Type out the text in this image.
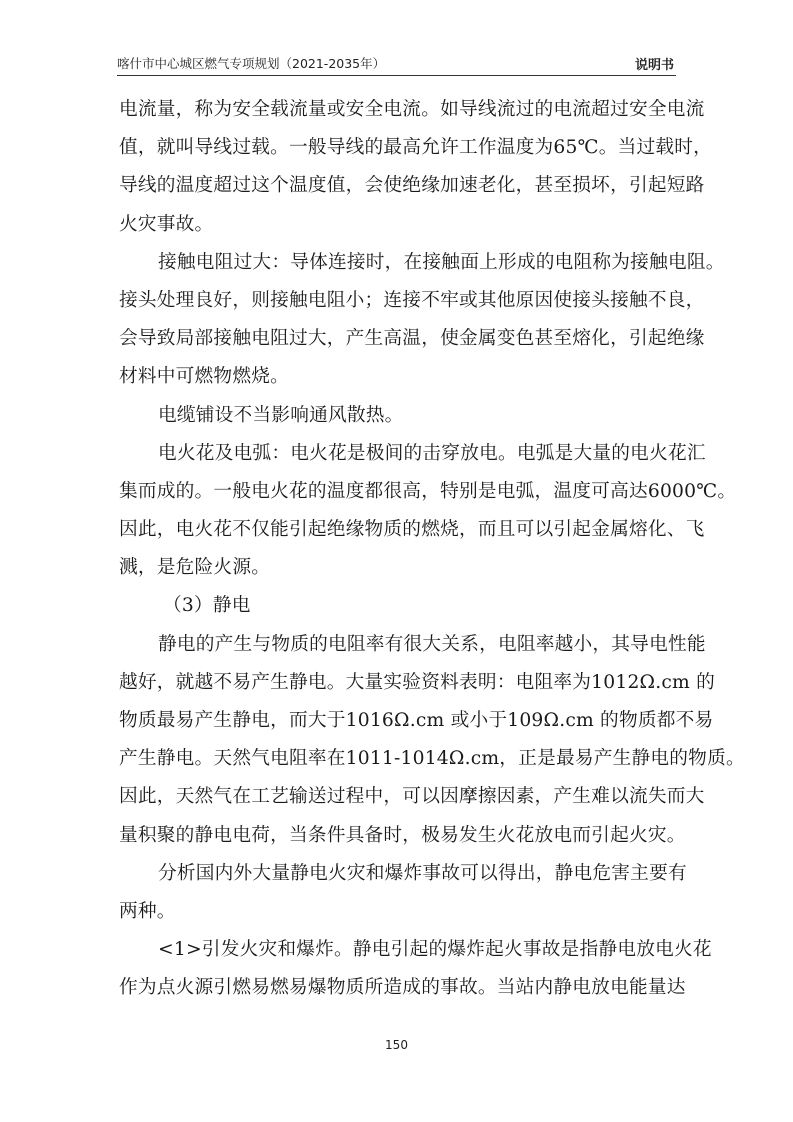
喀什市中心城区燃气专项规划（2021-2035年）	说明书
电流量，称为安全载流量或安全电流。如导线流过的电流超过安全电流
值，就叫导线过载。一般导线的最高允许工作温度为65℃。当过载时，
导线的温度超过这个温度值，会使绝缘加速老化，甚至损坏，引起短路
火灾事故。
接触电阻过大：导体连接时，在接触面上形成的电阻称为接触电阻。
接头处理良好，则接触电阻小；连接不牢或其他原因使接头接触不良，
会导致局部接触电阻过大，产生高温，使金属变色甚至熔化，引起绝缘
材料中可燃物燃烧。
电缆铺设不当影响通风散热。
电火花及电弧：电火花是极间的击穿放电。电弧是大量的电火花汇
集而成的。一般电火花的温度都很高，特别是电弧，温度可高达6000℃。
因此，电火花不仅能引起绝缘物质的燃烧，而且可以引起金属熔化、飞
溅，是危险火源。
（3）静电
静电的产生与物质的电阻率有很大关系，电阻率越小，其导电性能
越好，就越不易产生静电。大量实验资料表明：电阻率为1012Ω.cm 的
物质最易产生静电，而大于1016Ω.cm 或小于109Ω.cm 的物质都不易
产生静电。天然气电阻率在1011-1014Ω.cm，正是最易产生静电的物质。
因此，天然气在工艺输送过程中，可以因摩擦因素，产生难以流失而大
量积聚的静电电荷，当条件具备时，极易发生火花放电而引起火灾。
分析国内外大量静电火灾和爆炸事故可以得出，静电危害主要有
两种。
<1>引发火灾和爆炸。静电引起的爆炸起火事故是指静电放电火花
作为点火源引燃易燃易爆物质所造成的事故。当站内静电放电能量达
150
